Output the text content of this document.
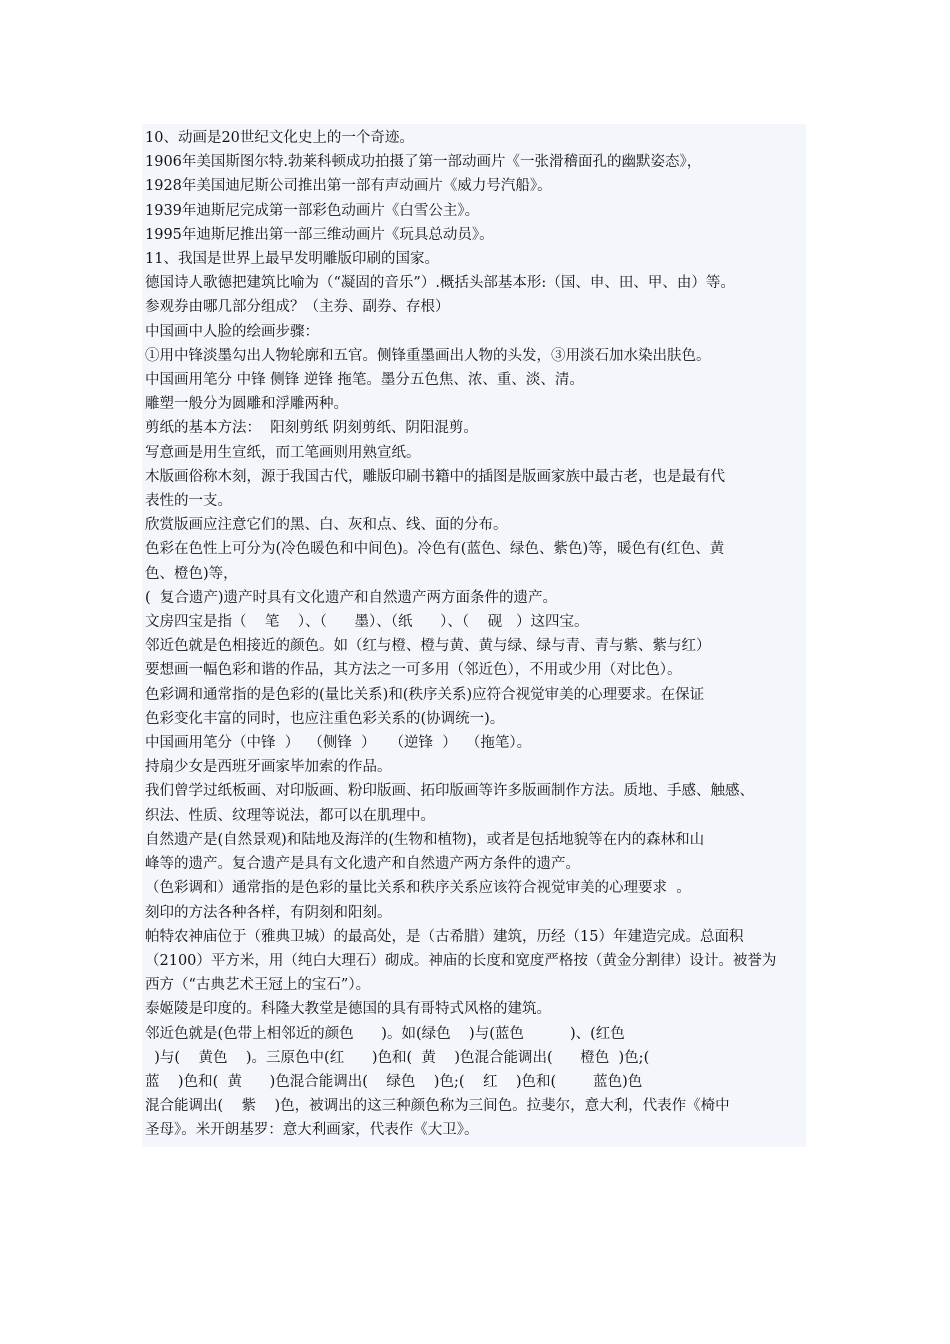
10、动画是20世纪文化史上的一个奇迹。
1906年美国斯图尔特.勃莱科顿成功拍摄了第一部动画片《一张滑稽面孔的幽默姿态》，
1928年美国迪尼斯公司推出第一部有声动画片《威力号汽船》。
1939年迪斯尼完成第一部彩色动画片《白雪公主》。
1995年迪斯尼推出第一部三维动画片《玩具总动员》。
11、我国是世界上最早发明雕版印刷的国家。
德国诗人歌德把建筑比喻为（“凝固的音乐”）.概括头部基本形:（国、申、田、甲、由）等。
参观券由哪几部分组成？（主券、副券、存根）
中国画中人脸的绘画步骤：
①用中锋淡墨勾出人物轮廓和五官。侧锋重墨画出人物的头发，③用淡石加水染出肤色。
中国画用笔分 中锋 侧锋 逆锋 拖笔。墨分五色焦、浓、重、淡、清。
雕塑一般分为圆雕和浮雕两种。
剪纸的基本方法：  阳刻剪纸 阴刻剪纸、阴阳混剪。
写意画是用生宣纸，而工笔画则用熟宣纸。
木版画俗称木刻，源于我国古代，雕版印刷书籍中的插图是版画家族中最古老，也是最有代
表性的一支。
欣赏版画应注意它们的黑、白、灰和点、线、面的分布。
色彩在色性上可分为(冷色暖色和中间色)。冷色有(蓝色、绿色、紫色)等，暖色有(红色、黄
色、橙色)等，
(  复合遗产)遗产时具有文化遗产和自然遗产两方面条件的遗产。
文房四宝是指（    笔    ）、（      墨）、（纸      ）、（    砚   ）这四宝。
邻近色就是色相接近的颜色。如（红与橙、橙与黄、黄与绿、绿与青、青与紫、紫与红）
要想画一幅色彩和谐的作品，其方法之一可多用（邻近色），不用或少用（对比色）。
色彩调和通常指的是色彩的(量比关系)和(秩序关系)应符合视觉审美的心理要求。在保证
色彩变化丰富的同时，也应注重色彩关系的(协调统一)。
中国画用笔分（中锋  ）  （侧锋  ）   （逆锋  ）  （拖笔）。
持扇少女是西班牙画家毕加索的作品。
我们曾学过纸板画、对印版画、粉印版画、拓印版画等许多版画制作方法。质地、手感、触感、
织法、性质、纹理等说法，都可以在肌理中。
自然遗产是(自然景观)和陆地及海洋的(生物和植物)，或者是包括地貌等在内的森林和山
峰等的遗产。复合遗产是具有文化遗产和自然遗产两方条件的遗产。
（色彩调和）通常指的是色彩的量比关系和秩序关系应该符合视觉审美的心理要求  。
刻印的方法各种各样，有阴刻和阳刻。
帕特农神庙位于（雅典卫城）的最高处，是（古希腊）建筑，历经（15）年建造完成。总面积
（2100）平方米，用（纯白大理石）砌成。神庙的长度和宽度严格按（黄金分割律）设计。被誉为
西方（“古典艺术王冠上的宝石”）。
泰姬陵是印度的。科隆大教堂是德国的具有哥特式风格的建筑。
邻近色就是(色带上相邻近的颜色      )。如(绿色    )与(蓝色          )、(红色
)与(    黄色    )。三原色中(红      )色和(  黄    )色混合能调出(      橙色  )色;(
蓝    )色和(  黄      )色混合能调出(    绿色    )色;(    红    )色和(        蓝色)色
混合能调出(    紫    )色，被调出的这三种颜色称为三间色。拉斐尔，意大利，代表作《椅中
圣母》。米开朗基罗：意大利画家，代表作《大卫》。
